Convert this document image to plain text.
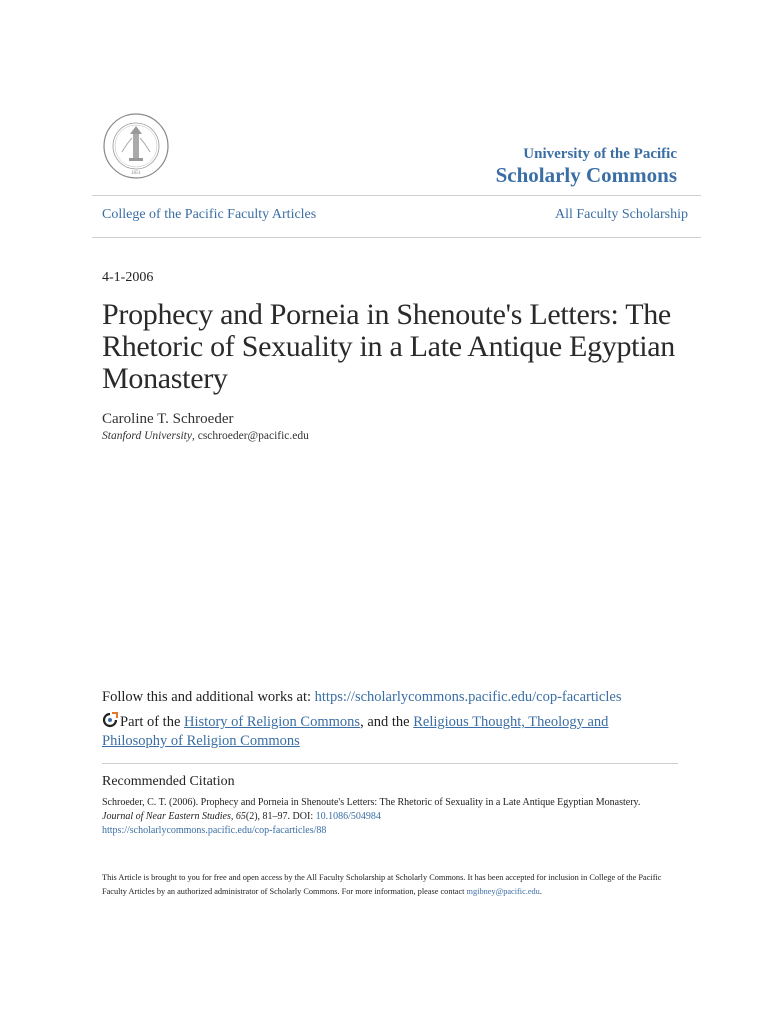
1851
University of the Pacific
Scholarly Commons
College of the Pacific Faculty Articles	All Faculty Scholarship
4-1-2006
Prophecy and Porneia in Shenoute's Letters: The Rhetoric of Sexuality in a Late Antique Egyptian Monastery
Caroline T. Schroeder
Stanford University, cschroeder@pacific.edu
Follow this and additional works at: https://scholarlycommons.pacific.edu/cop-facarticles
Part of the History of Religion Commons, and the Religious Thought, Theology and Philosophy of Religion Commons
Recommended Citation
Schroeder, C. T. (2006). Prophecy and Porneia in Shenoute's Letters: The Rhetoric of Sexuality in a Late Antique Egyptian Monastery.
Journal of Near Eastern Studies, 65(2), 81–97. DOI: 10.1086/504984
https://scholarlycommons.pacific.edu/cop-facarticles/88
This Article is brought to you for free and open access by the All Faculty Scholarship at Scholarly Commons. It has been accepted for inclusion in College of the Pacific Faculty Articles by an authorized administrator of Scholarly Commons. For more information, please contact mgibney@pacific.edu.
